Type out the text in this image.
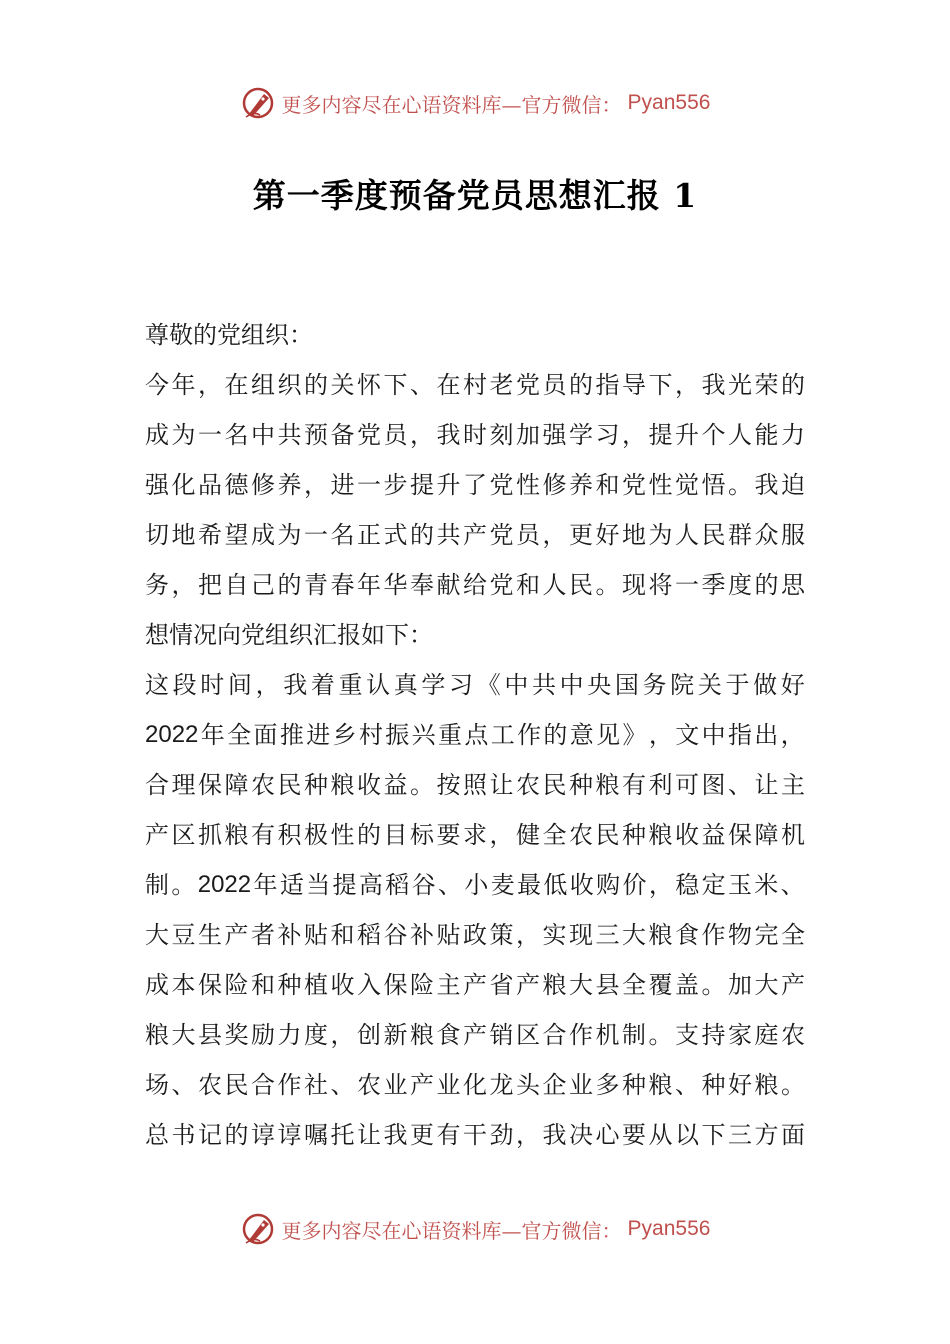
更多内容尽在心语资料库—官方微信： Pyan556
第一季度预备党员思想汇报 1
尊敬的党组织：
今 年 ， 在 组 织 的 关 怀 下 、 在 村 老 党 员 的 指 导 下 ， 我 光 荣 的
成 为 一 名 中 共 预 备 党 员 ， 我 时 刻 加 强 学 习 ， 提 升 个 人 能 力
强 化 品 德 修 养 ， 进 一 步 提 升 了 党 性 修 养 和 党 性 觉 悟 。 我 迫
切 地 希 望 成 为 一 名 正 式 的 共 产 党 员 ， 更 好 地 为 人 民 群 众 服
务 ， 把 自 己 的 青 春 年 华 奉 献 给 党 和 人 民 。 现 将 一 季 度 的 思
想情况向党组织汇报如下：
这 段 时 间 ， 我 着 重 认 真 学 习 《 中 共 中 央 国 务 院 关 于 做 好
2022 年 全 面 推 进 乡 村 振 兴 重 点 工 作 的 意 见 》 ， 文 中 指 出 ，
合 理 保 障 农 民 种 粮 收 益 。 按 照 让 农 民 种 粮 有 利 可 图 、 让 主
产 区 抓 粮 有 积 极 性 的 目 标 要 求 ， 健 全 农 民 种 粮 收 益 保 障 机
制 。 2022 年 适 当 提 高 稻 谷 、 小 麦 最 低 收 购 价 ， 稳 定 玉 米 、
大 豆 生 产 者 补 贴 和 稻 谷 补 贴 政 策 ， 实 现 三 大 粮 食 作 物 完 全
成 本 保 险 和 种 植 收 入 保 险 主 产 省 产 粮 大 县 全 覆 盖 。 加 大 产
粮 大 县 奖 励 力 度 ， 创 新 粮 食 产 销 区 合 作 机 制 。 支 持 家 庭 农
场 、 农 民 合 作 社 、 农 业 产 业 化 龙 头 企 业 多 种 粮 、 种 好 粮 。
总 书 记 的 谆 谆 嘱 托 让 我 更 有 干 劲 ， 我 决 心 要 从 以 下 三 方 面
更多内容尽在心语资料库—官方微信： Pyan556
